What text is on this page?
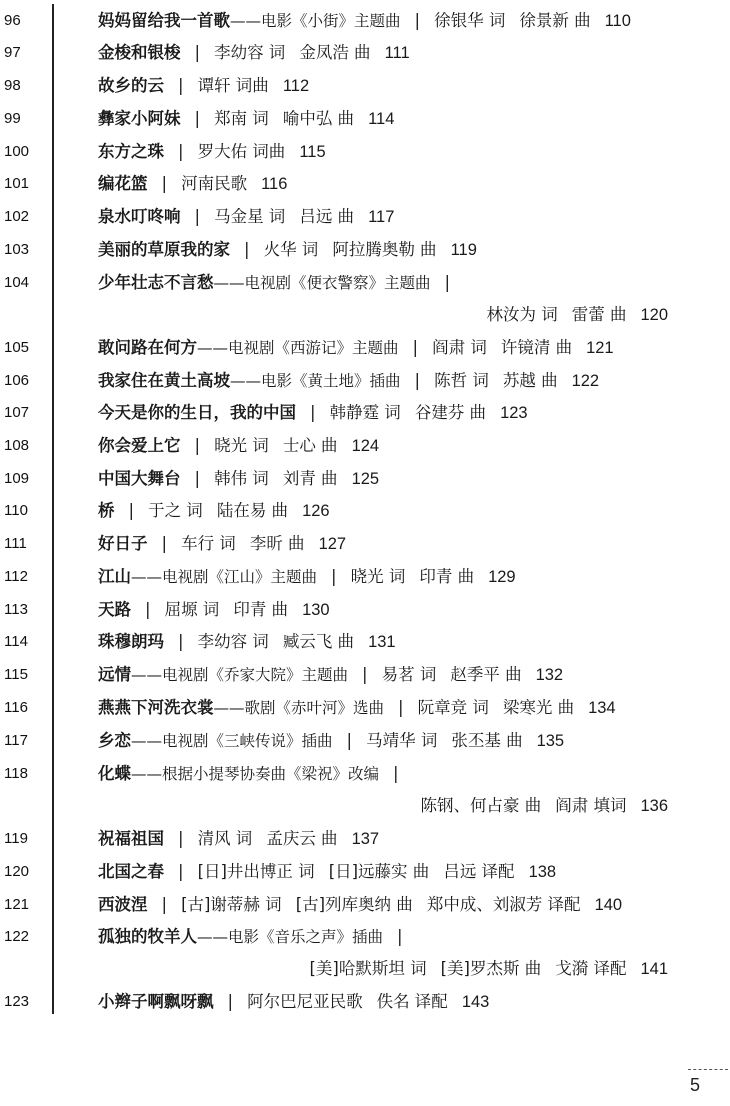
96	妈妈留给我一首歌——电影《小街》主题曲 | 徐银华 词 徐景新 曲 110
97	金梭和银梭 | 李幼容 词 金凤浩 曲 111
98	故乡的云 | 谭轩 词曲 112
99	彝家小阿妹 | 郑南 词 喻中弘 曲 114
100	东方之珠 | 罗大佑 词曲 115
101	编花篮 | 河南民歌 116
102	泉水叮咚响 | 马金星 词 吕远 曲 117
103	美丽的草原我的家 | 火华 词 阿拉腾奥勒 曲 119
104	少年壮志不言愁——电视剧《便衣警察》主题曲 |
林汝为 词 雷蕾 曲 120
105	敢问路在何方——电视剧《西游记》主题曲 | 阎肃 词 许镜清 曲 121
106	我家住在黄土高坡——电影《黄土地》插曲 | 陈哲 词 苏越 曲 122
107	今天是你的生日，我的中国 | 韩静霆 词 谷建芬 曲 123
108	你会爱上它 | 晓光 词 士心 曲 124
109	中国大舞台 | 韩伟 词 刘青 曲 125
110	桥 | 于之 词 陆在易 曲 126
111	好日子 | 车行 词 李昕 曲 127
112	江山——电视剧《江山》主题曲 | 晓光 词 印青 曲 129
113	天路 | 屈塬 词 印青 曲 130
114	珠穆朗玛 | 李幼容 词 臧云飞 曲 131
115	远情——电视剧《乔家大院》主题曲 | 易茗 词 赵季平 曲 132
116	燕燕下河洗衣裳——歌剧《赤叶河》选曲 | 阮章竞 词 梁寒光 曲 134
117	乡恋——电视剧《三峡传说》插曲 | 马靖华 词 张丕基 曲 135
118	化蝶——根据小提琴协奏曲《梁祝》改编 |
陈钢、何占豪 曲 阎肃 填词 136
119	祝福祖国 | 清风 词 孟庆云 曲 137
120	北国之春 | [日]井出博正 词 [日]远藤实 曲 吕远 译配 138
121	西波涅 | [古]谢蒂赫 词 [古]列库奥纳 曲 郑中成、刘淑芳 译配 140
122	孤独的牧羊人——电影《音乐之声》插曲 |
[美]哈默斯坦 词 [美]罗杰斯 曲 戈漪 译配 141
123	小辫子啊飘呀飘 | 阿尔巴尼亚民歌 佚名 译配 143
5
